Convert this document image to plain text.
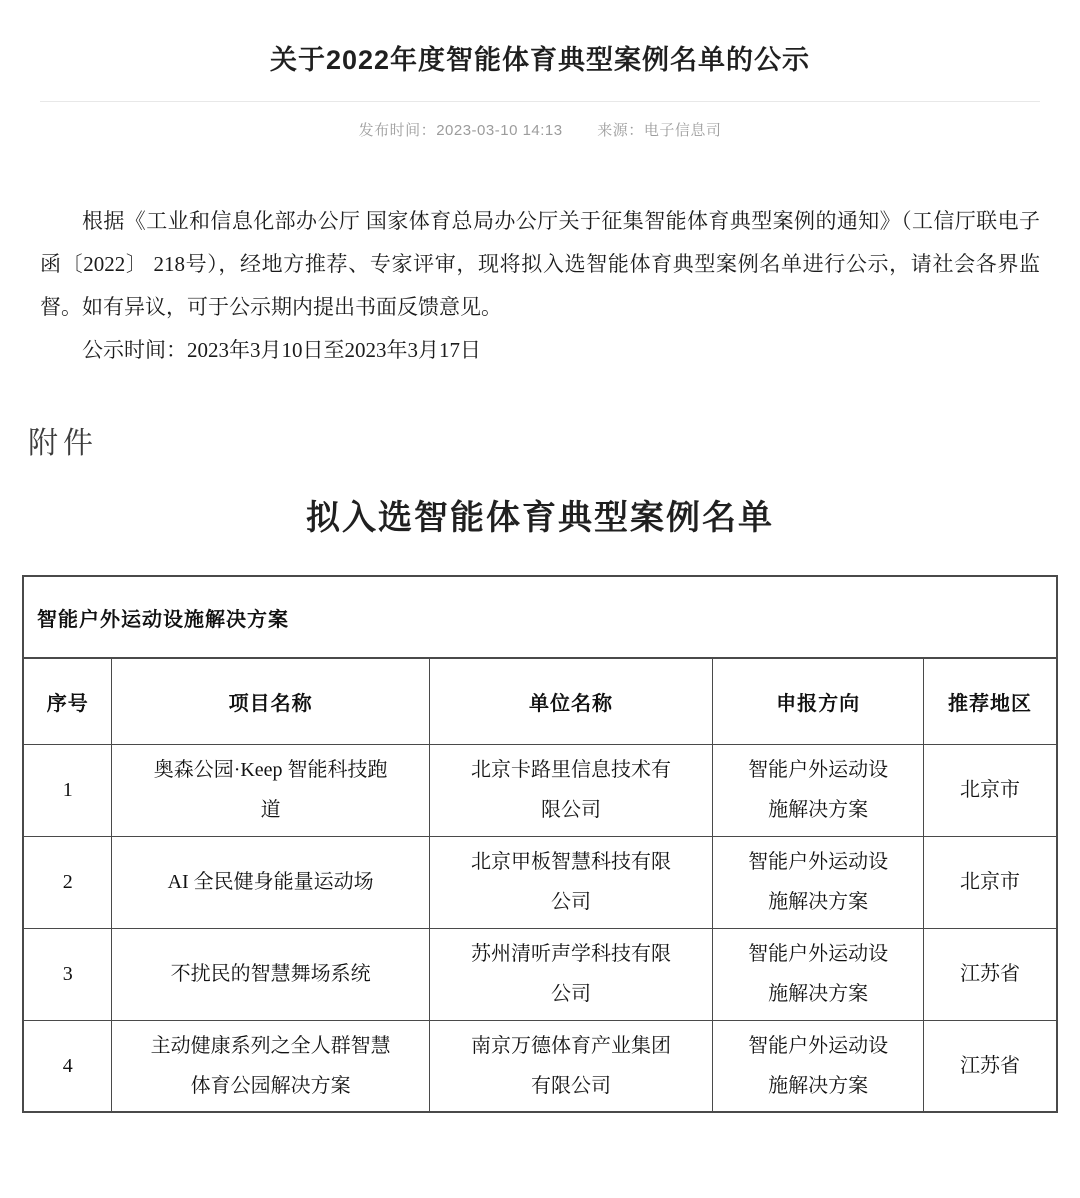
关于2022年度智能体育典型案例名单的公示
发布时间：2023-03-10 14:13 来源：电子信息司

根据《工业和信息化部办公厅 国家体育总局办公厅关于征集智能体育典型案例的通知》（工信厅联电子函〔2022〕 218号），经地方推荐、专家评审，现将拟入选智能体育典型案例名单进行公示，请社会各界监督。如有异议，可于公示期内提出书面反馈意见。

公示时间：2023年3月10日至2023年3月17日

附件
拟入选智能体育典型案例名单
智能户外运动设施解决方案				
序号	项目名称	单位名称	申报方向	推荐地区
1	奥森公园·Keep 智能科技跑道	北京卡路里信息技术有限公司	智能户外运动设施解决方案	北京市
2	AI 全民健身能量运动场	北京甲板智慧科技有限公司	智能户外运动设施解决方案	北京市
3	不扰民的智慧舞场系统	苏州清听声学科技有限公司	智能户外运动设施解决方案	江苏省
4	主动健康系列之全人群智慧体育公园解决方案	南京万德体育产业集团有限公司	智能户外运动设施解决方案	江苏省
